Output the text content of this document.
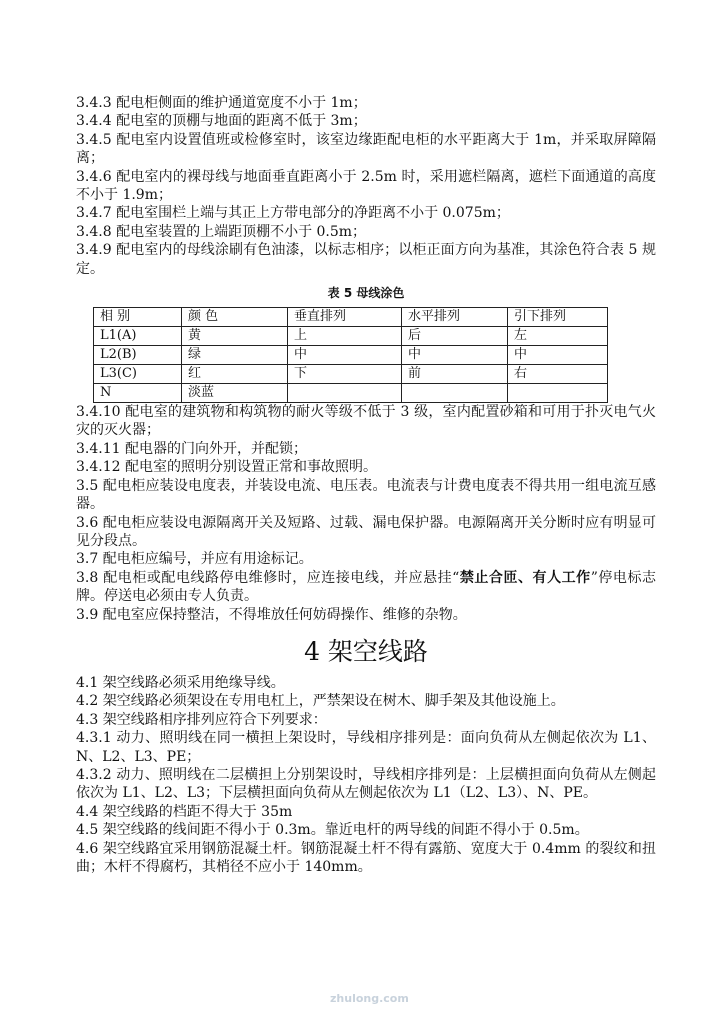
3.4.3 配电柜侧面的维护通道宽度不小于 1m；

3.4.4 配电室的顶棚与地面的距离不低于 3m；

3.4.5 配电室内设置值班或检修室时，该室边缘距配电柜的水平距离大于 1m，并采取屏障隔离；

3.4.6 配电室内的裸母线与地面垂直距离小于 2.5m 时，采用遮栏隔离，遮栏下面通道的高度不小于 1.9m；

3.4.7 配电室围栏上端与其正上方带电部分的净距离不小于 0.075m；

3.4.8 配电室装置的上端距顶棚不小于 0.5m；

3.4.9 配电室内的母线涂刷有色油漆，以标志相序；以柜正面方向为基准，其涂色符合表 5 规定。

表 5 母线涂色
相 别	颜 色	垂直排列	水平排列	引下排列
L1(A)	黄	上	后	左
L2(B)	绿	中	中	中
L3(C)	红	下	前	右
N	淡蓝			

3.4.10 配电室的建筑物和构筑物的耐火等级不低于 3 级，室内配置砂箱和可用于扑灭电气火灾的灭火器；

3.4.11 配电器的门向外开，并配锁；

3.4.12 配电室的照明分别设置正常和事故照明。

3.5 配电柜应装设电度表，并装设电流、电压表。电流表与计费电度表不得共用一组电流互感器。

3.6 配电柜应装设电源隔离开关及短路、过载、漏电保护器。电源隔离开关分断时应有明显可见分段点。

3.7 配电柜应编号，并应有用途标记。

3.8 配电柜或配电线路停电维修时，应连接电线，并应悬挂“禁止合匝、有人工作”停电标志牌。停送电必须由专人负责。

3.9 配电室应保持整洁，不得堆放任何妨碍操作、维修的杂物。

4 架空线路

4.1 架空线路必须采用绝缘导线。

4.2 架空线路必须架设在专用电杠上，严禁架设在树木、脚手架及其他设施上。

4.3 架空线路相序排列应符合下列要求：

4.3.1 动力、照明线在同一横担上架设时，导线相序排列是：面向负荷从左侧起依次为 L1、N、L2、L3、PE；

4.3.2 动力、照明线在二层横担上分别架设时，导线相序排列是：上层横担面向负荷从左侧起依次为 L1、L2、L3；下层横担面向负荷从左侧起依次为 L1（L2、L3）、N、PE。

4.4 架空线路的档距不得大于 35m

4.5 架空线路的线间距不得小于 0.3m。靠近电杆的两导线的间距不得小于 0.5m。

4.6 架空线路宜采用钢筋混凝土杆。钢筋混凝土杆不得有露筋、宽度大于 0.4mm 的裂纹和扭曲；木杆不得腐朽，其梢径不应小于 140mm。

zhulong.com
